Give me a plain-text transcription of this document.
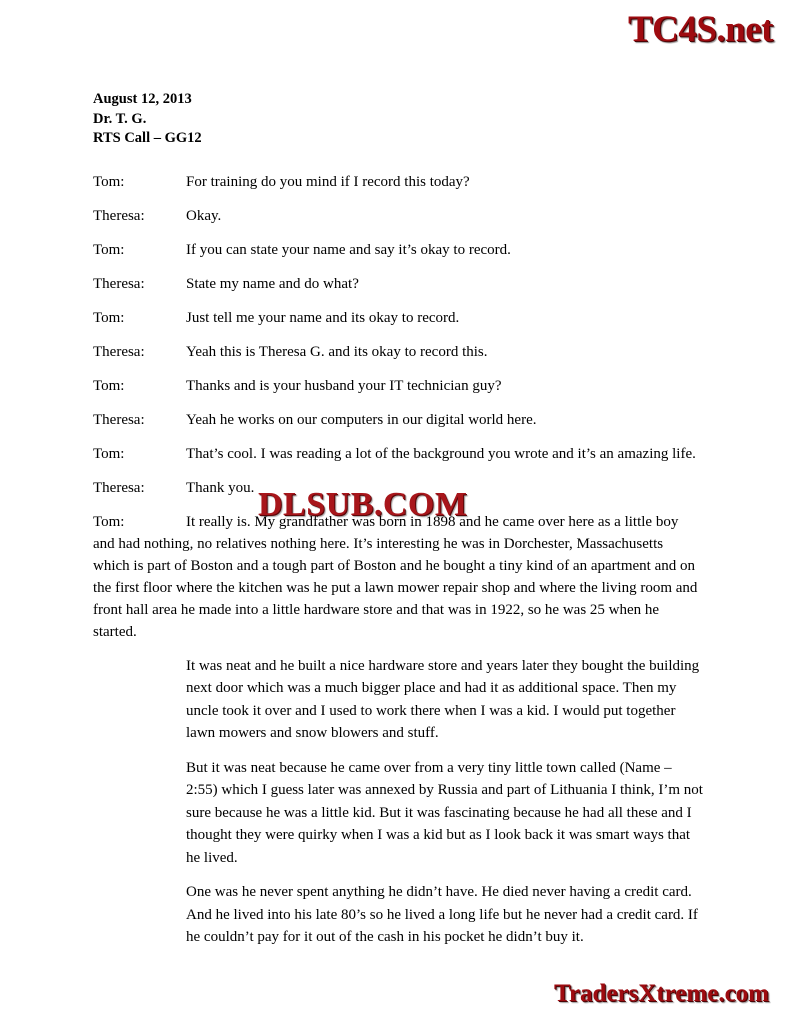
TC4S.net
August 12, 2013
Dr. T. G.
RTS Call – GG12
Tom:	For training do you mind if I record this today?
Theresa:	Okay.
Tom:	If you can state your name and say it’s okay to record.
Theresa:	State my name and do what?
Tom:	Just tell me your name and its okay to record.
Theresa:	Yeah this is Theresa G. and its okay to record this.
Tom:	Thanks and is your husband your IT technician guy?
Theresa:	Yeah he works on our computers in our digital world here.
Tom:	That’s cool. I was reading a lot of the background you wrote and it’s an amazing life.
Theresa:	Thank you.
Tom:	It really is. My grandfather was born in 1898 and he came over here as a little boy and had nothing, no relatives nothing here. It’s interesting he was in Dorchester, Massachusetts which is part of Boston and a tough part of Boston and he bought a tiny kind of an apartment and on the first floor where the kitchen was he put a lawn mower repair shop and where the living room and front hall area he made into a little hardware store and that was in 1922, so he was 25 when he started.

It was neat and he built a nice hardware store and years later they bought the building next door which was a much bigger place and had it as additional space. Then my uncle took it over and I used to work there when I was a kid. I would put together lawn mowers and snow blowers and stuff.

But it was neat because he came over from a very tiny little town called (Name – 2:55) which I guess later was annexed by Russia and part of Lithuania I think, I’m not sure because he was a little kid. But it was fascinating because he had all these and I thought they were quirky when I was a kid but as I look back it was smart ways that he lived.

One was he never spent anything he didn’t have. He died never having a credit card. And he lived into his late 80’s so he lived a long life but he never had a credit card. If he couldn’t pay for it out of the cash in his pocket he didn’t buy it.

DLSUB.COM
TradersXtreme.com
